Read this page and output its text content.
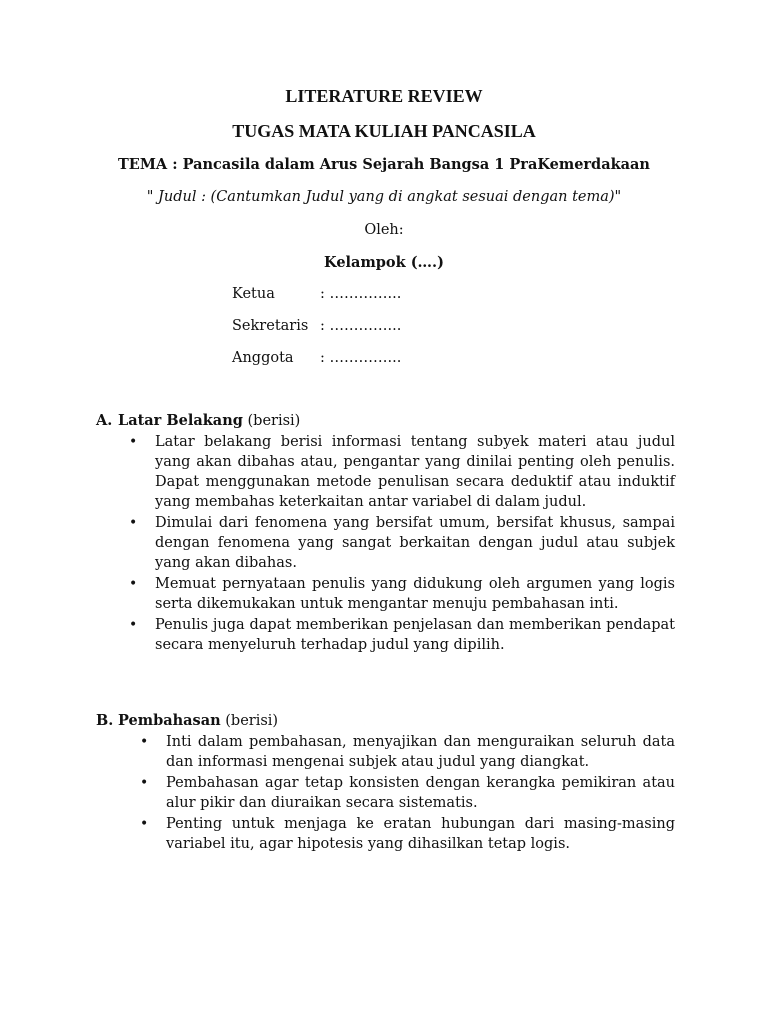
LITERATURE REVIEW
TUGAS MATA KULIAH PANCASILA
TEMA : Pancasila dalam Arus Sejarah Bangsa 1 PraKemerdakaan
" Judul : (Cantumkan Judul yang di angkat sesuai dengan tema)"
Oleh:
Kelampok (….)
Ketua	: …………...
Sekretaris : …………...
Anggota : …………...
A. Latar Belakang (berisi)
• Latar belakang berisi informasi tentang subyek materi atau judul yang akan dibahas atau, pengantar yang dinilai penting oleh penulis. Dapat menggunakan metode penulisan secara deduktif atau induktif yang membahas keterkaitan antar variabel di dalam judul.
• Dimulai dari fenomena yang bersifat umum, bersifat khusus, sampai dengan fenomena yang sangat berkaitan dengan judul atau subjek yang akan dibahas.
• Memuat pernyataan penulis yang didukung oleh argumen yang logis serta dikemukakan untuk mengantar menuju pembahasan inti.
• Penulis juga dapat memberikan penjelasan dan memberikan pendapat secara menyeluruh terhadap judul yang dipilih.
B. Pembahasan (berisi)
• Inti dalam pembahasan, menyajikan dan menguraikan seluruh data dan informasi mengenai subjek atau judul yang diangkat.
• Pembahasan agar tetap konsisten dengan kerangka pemikiran atau alur pikir dan diuraikan secara sistematis.
• Penting untuk menjaga ke eratan hubungan dari masing-masing variabel itu, agar hipotesis yang dihasilkan tetap logis.
